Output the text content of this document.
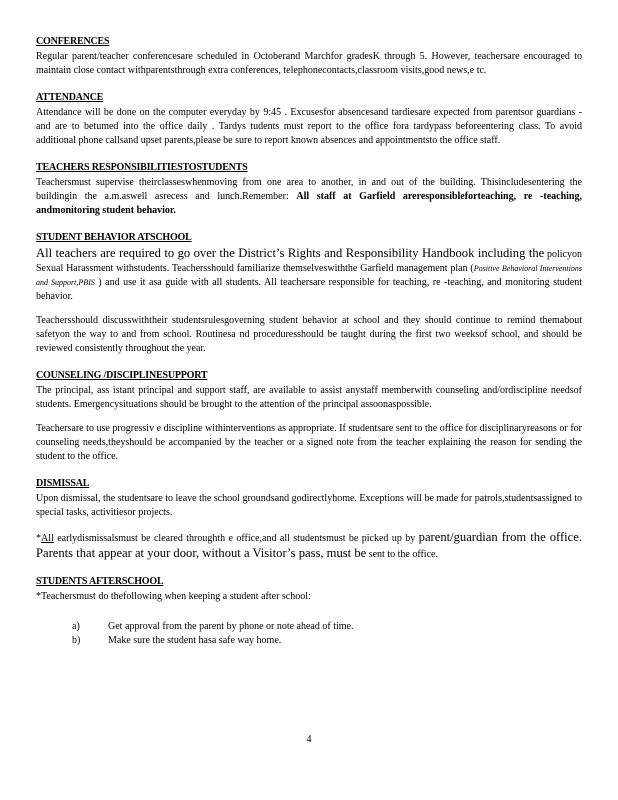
CONFERENCES
Regular parent/teacher conferencesare scheduled in Octoberand Marchfor gradesK through 5. However, teachersare encouraged to maintain close contact withparentsthrough extra conferences, telephonecontacts,classroom visits,good news,e tc.
ATTENDANCE
Attendance will be done on the computer everyday by 9:45 . Excusesfor absencesand tardiesare expected from parentsor guardians - and are to betumed into the office daily . Tardys tudents must report to the office fora tardypass beforeentering class. To avoid additional phone callsand upset parents,please be sure to report known absences and appointmentsto the office staff.
TEACHERS RESPONSIBILITIESTOSTUDENTS
Teachersmust supervise theirclasseswhenmoving from one area to another, in and out of the building. Thisincludesentering the buildingin the a.m.aswell asrecess and lunch.Remember: All staff at Garfield areresponsibleforteaching, re -teaching, andmonitoring student behavior.
STUDENT BEHAVIOR ATSCHOOL
All teachers are required to go over the District’s Rights and Responsibility Handbook including the policyon Sexual Harassment withstudents. Teachersshould familiarize themselveswiththe Garfield management plan (Positive Behavioral Interventions and Support,PBIS ) and use it asa guide with all students. All teachersare responsible for teaching, re -teaching, and monitoring student behavior.
Teachersshould discusswiththeir studentsrulesgoverning student behavior at school and they should continue to remind themabout safetyon the way to and from school. Routinesa nd proceduresshould be taught during the first two weeksof school, and should be reviewed consistently throughout the year.
COUNSELING /DISCIPLINESUPPORT
The principal, ass istant principal and support staff, are available to assist anystaff memberwith counseling and/ordiscipline needsof students. Emergencysituations should be brought to the attention of the principal assoonaspossible.
Teachersare to use progressiv e discipline withinterventions as appropriate. If studentsare sent to the office for disciplinaryreasons or for counseling needs,theyshould be accompanied by the teacher or a signed note from the teacher explaining the reason for sending the student to the office.
DISMISSAL
Upon dismissal, the studentsare to leave the school groundsand godirectlyhome. Exceptions will be made for patrols,studentsassigned to special tasks, activitiesor projects.
*All earlydismissalsmust be cleared throughth e office,and all studentsmust be picked up by parent/guardian from the office. Parents that appear at your door, without a Visitor’s pass, must be sent to the office.
STUDENTS AFTERSCHOOL
*Teachersmust do thefollowing when keeping a student after school:
a)	Get approval from the parent by phone or note ahead of time.
b)	Make sure the student hasa safe way home.
4
